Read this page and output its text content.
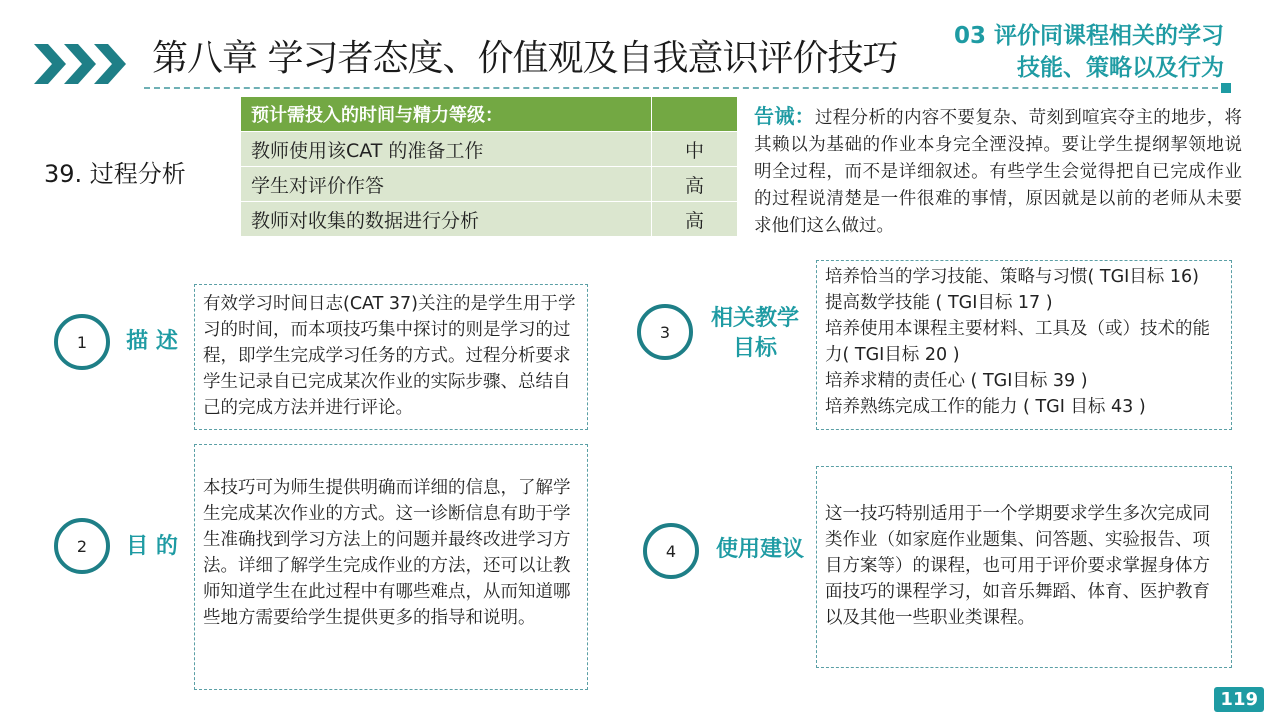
第八章 学习者态度、价值观及自我意识评价技巧
03 评价同课程相关的学习
技能、策略以及行为
39. 过程分析
预计需投入的时间与精力等级：	
教师使用该CAT 的准备工作	中
学生对评价作答	高
教师对收集的数据进行分析	高
告诫：过程分析的内容不要复杂、苛刻到喧宾夺主的地步，将其赖以为基础的作业本身完全湮没掉。要让学生提纲挈领地说明全过程，而不是详细叙述。有些学生会觉得把自已完成作业的过程说清楚是一件很难的事情，原因就是以前的老师从未要求他们这么做过。
1	描 述

有效学习时间日志(CAT 37)关注的是学生用于学习的时间，而本项技巧集中探讨的则是学习的过程，即学生完成学习任务的方式。过程分析要求学生记录自已完成某次作业的实际步骤、总结自己的完成方法并进行评论。

2	目 的

本技巧可为师生提供明确而详细的信息，了解学生完成某次作业的方式。这一诊断信息有助于学生准确找到学习方法上的问题并最终改进学习方法。详细了解学生完成作业的方法，还可以让教师知道学生在此过程中有哪些难点，从而知道哪些地方需要给学生提供更多的指导和说明。

3
相关教学
目标

培养恰当的学习技能、策略与习惯( TGI目标 16)

提高数学技能 ( TGI目标 17 )

培养使用本课程主要材料、工具及（或）技术的能力( TGI目标 20 )

培养求精的责任心 ( TGI目标 39 )

培养熟练完成工作的能力 ( TGI 目标 43 )

4	使用建议

这一技巧特别适用于一个学期要求学生多次完成同类作业（如家庭作业题集、问答题、实验报告、项目方案等）的课程，也可用于评价要求掌握身体方面技巧的课程学习，如音乐舞蹈、体育、医护教育以及其他一些职业类课程。

119
